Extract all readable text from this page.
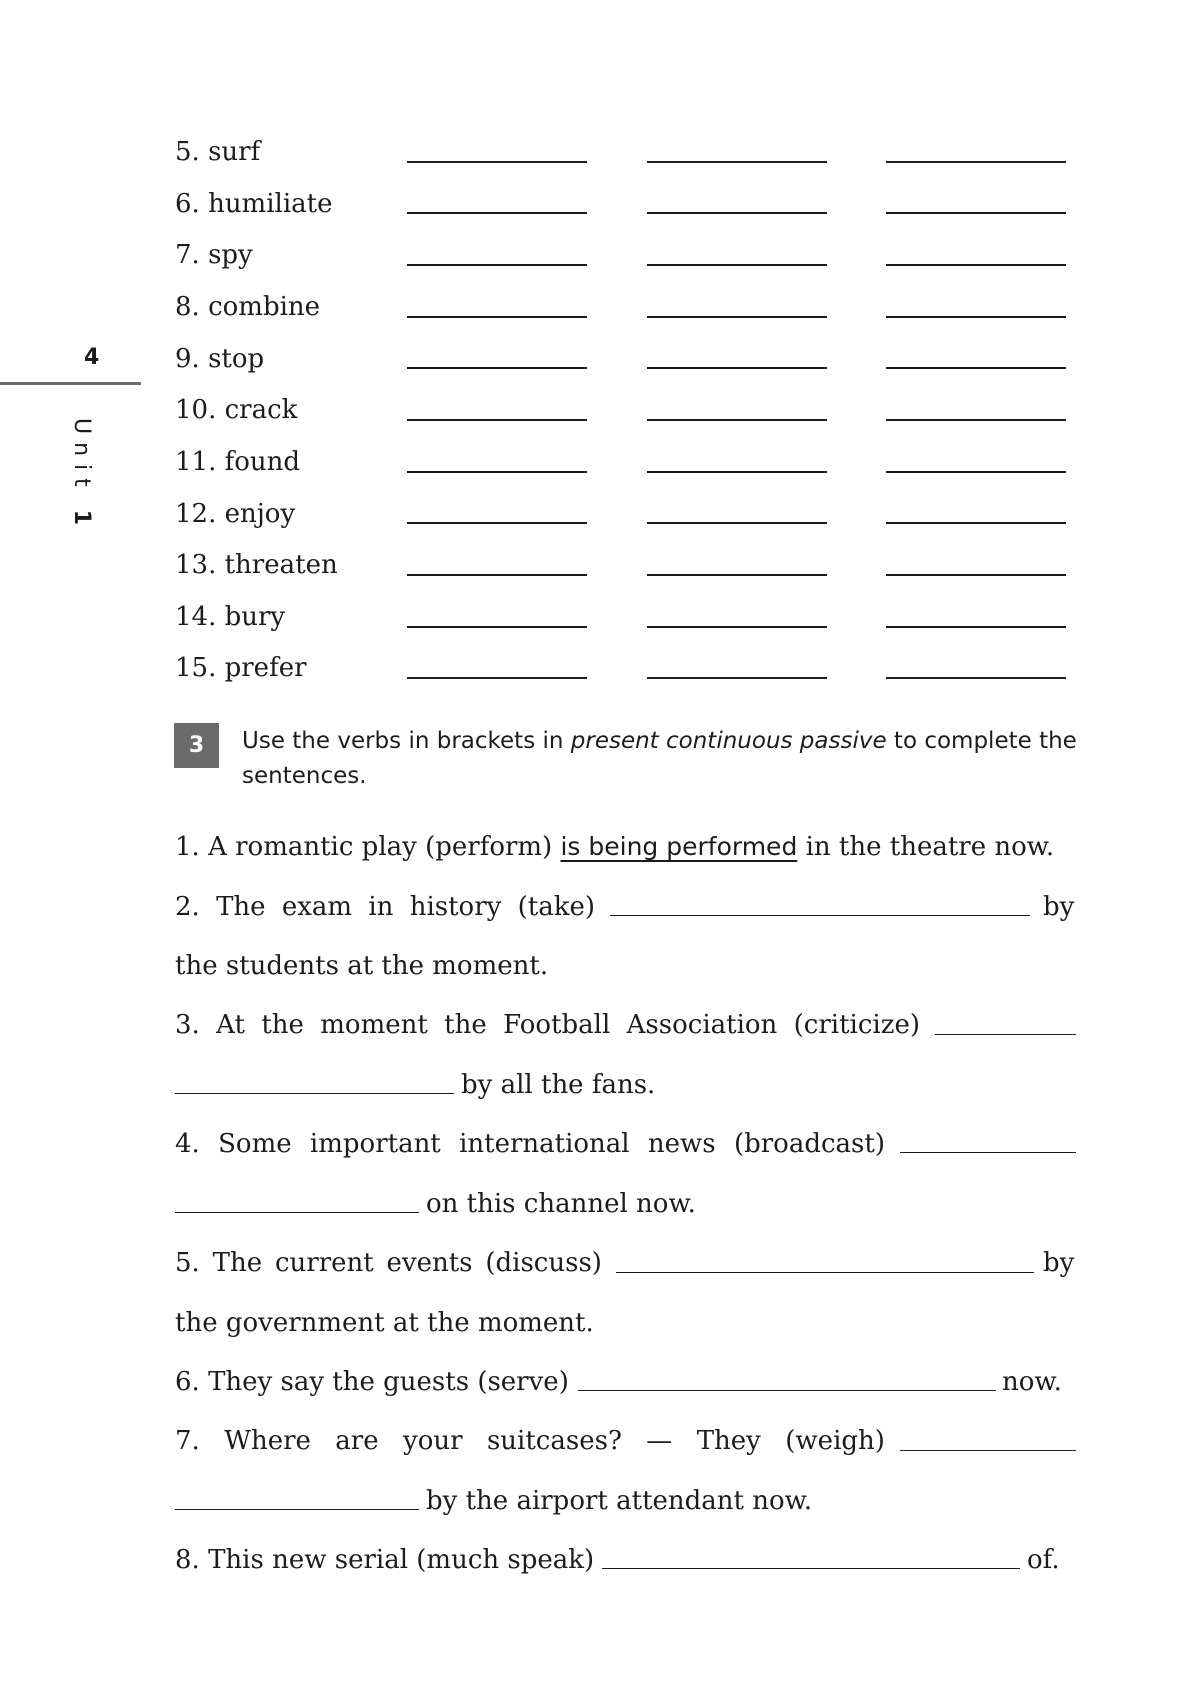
4
Unit 1
5. surf
6. humiliate
7. spy
8. combine
9. stop
10. crack
11. found
12. enjoy
13. threaten
14. bury
15. prefer
3	Use the verbs in brackets in present continuous passive to complete the sentences.
1. A romantic play (perform) is being performed in the theatre now.
2. The exam in history (take)	by
the students at the moment.
3. At the moment the Football Association (criticize)
by all the fans.
4. Some important international news (broadcast)
on this channel now.
5. The current events (discuss)	by
the government at the moment.
6. They say the guests (serve)	now.
7. Where are your suitcases? — They (weigh)
by the airport attendant now.
8. This new serial (much speak)	of.
